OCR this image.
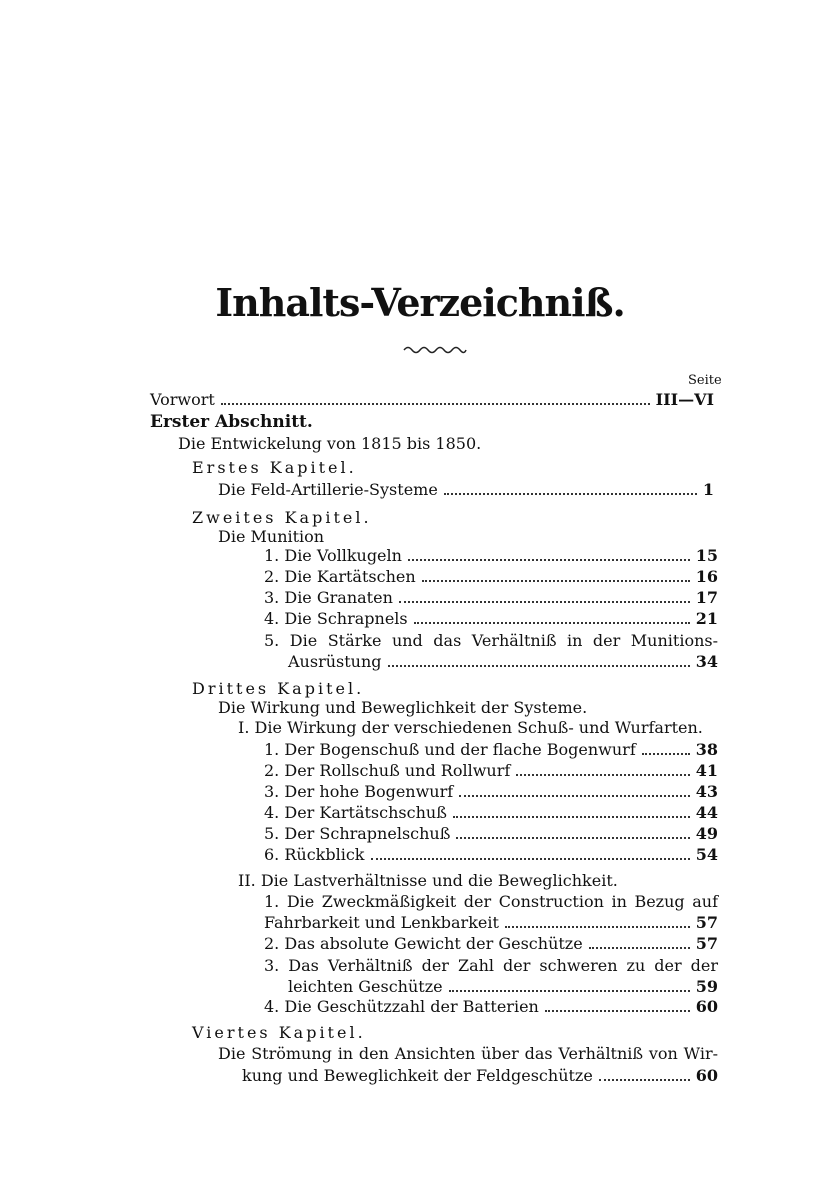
Inhalts-Verzeichniß.
Seite
Vorwort	III—VI
Erster Abschnitt.
Die Entwickelung von 1815 bis 1850.
Erstes Kapitel.
Die Feld-Artillerie-Systeme	1
Zweites Kapitel.
Die Munition
1. Die Vollkugeln	15
2. Die Kartätschen	16
3. Die Granaten	17
4. Die Schrapnels	21
5. Die Stärke und das Verhältniß in der Munitions-
Ausrüstung	34
Drittes Kapitel.
Die Wirkung und Beweglichkeit der Systeme.
I. Die Wirkung der verschiedenen Schuß- und Wurfarten.
1. Der Bogenschuß und der flache Bogenwurf	38
2. Der Rollschuß und Rollwurf	41
3. Der hohe Bogenwurf	43
4. Der Kartätschschuß	44
5. Der Schrapnelschuß	49
6. Rückblick	54
II. Die Lastverhältnisse und die Beweglichkeit.
1. Die Zweckmäßigkeit der Construction in Bezug auf
Fahrbarkeit und Lenkbarkeit	57
2. Das absolute Gewicht der Geschütze	57
3. Das Verhältniß der Zahl der schweren zu der der
leichten Geschütze	59
4. Die Geschützzahl der Batterien	60
Viertes Kapitel.
Die Strömung in den Ansichten über das Verhältniß von Wir-
kung und Beweglichkeit der Feldgeschütze	60
